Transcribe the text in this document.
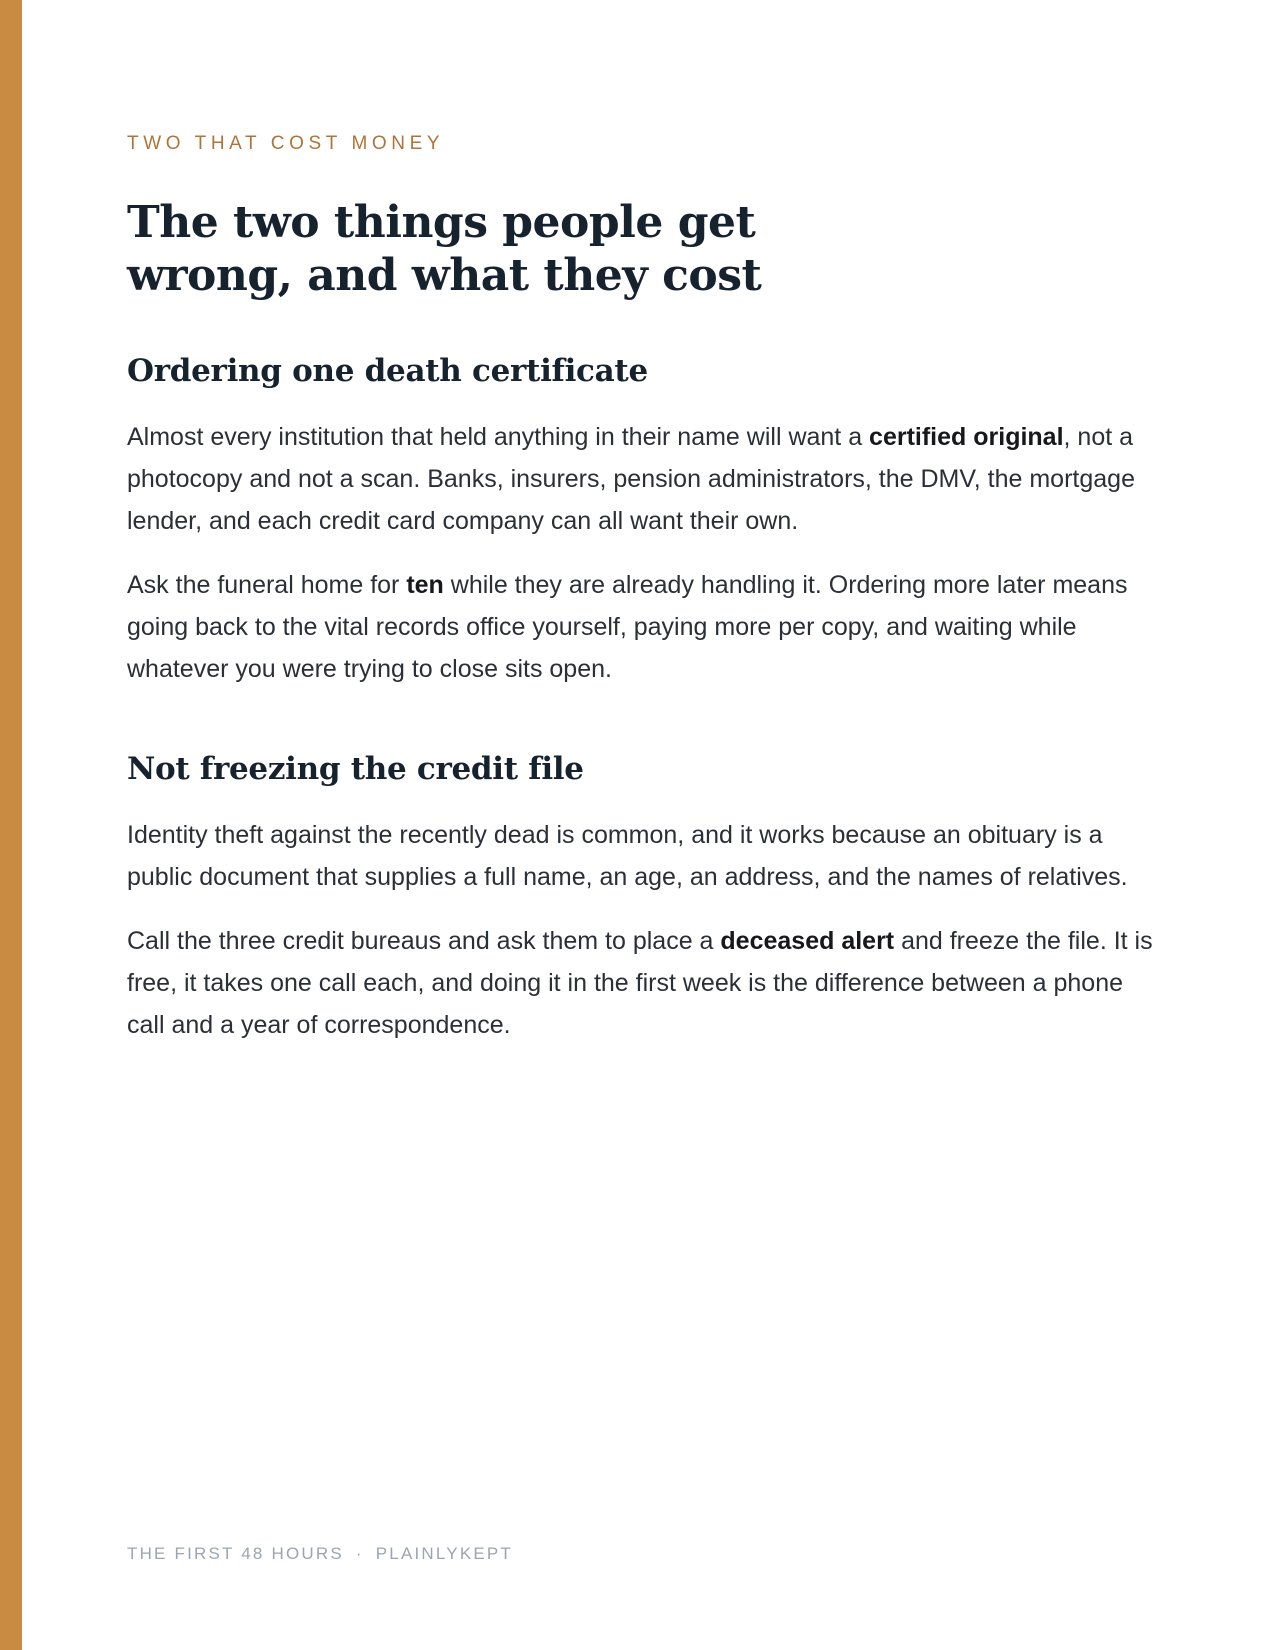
TWO THAT COST MONEY

The two things people get wrong, and what they cost
Ordering one death certificate

Almost every institution that held anything in their name will want a certified original, not a photocopy and not a scan. Banks, insurers, pension administrators, the DMV, the mortgage lender, and each credit card company can all want their own.

Ask the funeral home for ten while they are already handling it. Ordering more later means going back to the vital records office yourself, paying more per copy, and waiting while whatever you were trying to close sits open.

Not freezing the credit file

Identity theft against the recently dead is common, and it works because an obituary is a public document that supplies a full name, an age, an address, and the names of relatives.

Call the three credit bureaus and ask them to place a deceased alert and freeze the file. It is free, it takes one call each, and doing it in the first week is the difference between a phone call and a year of correspondence.

THE FIRST 48 HOURS · PLAINLYKEPT
